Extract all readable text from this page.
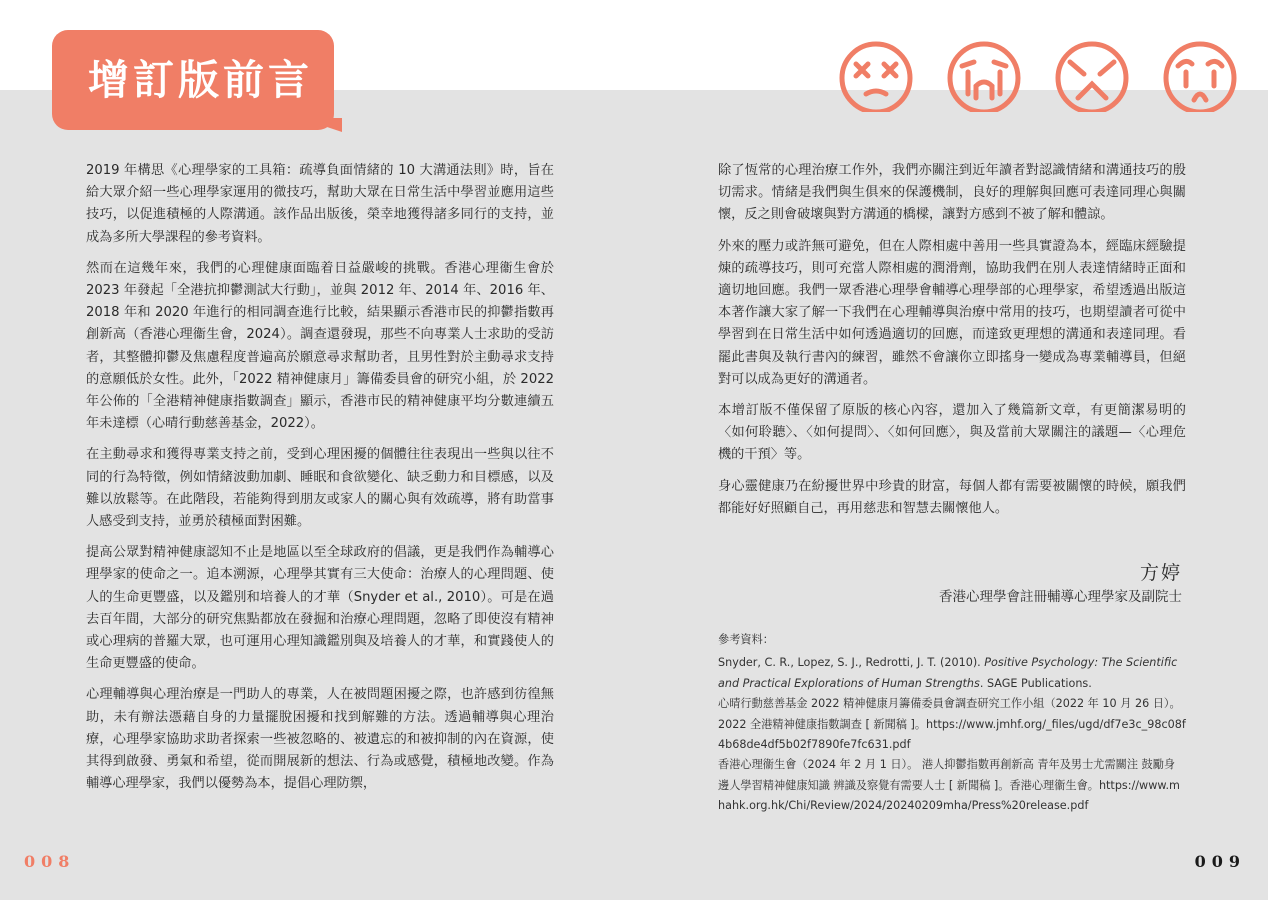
增訂版前言

2019 年構思《心理學家的工具箱：疏導負面情緒的 10 大溝通法則》時，旨在給大眾介紹一些心理學家運用的微技巧，幫助大眾在日常生活中學習並應用這些技巧，以促進積極的人際溝通。該作品出版後，榮幸地獲得諸多同行的支持，並成為多所大學課程的參考資料。

然而在這幾年來，我們的心理健康面臨着日益嚴峻的挑戰。香港心理衞生會於 2023 年發起「全港抗抑鬱測試大行動」，並與 2012 年、2014 年、2016 年、2018 年和 2020 年進行的相同調查進行比較，結果顯示香港市民的抑鬱指數再創新高（香港心理衞生會，2024）。調查還發現，那些不向專業人士求助的受訪者，其整體抑鬱及焦慮程度普遍高於願意尋求幫助者，且男性對於主動尋求支持的意願低於女性。此外，「2022 精神健康月」籌備委員會的研究小組，於 2022 年公佈的「全港精神健康指數調查」顯示，香港市民的精神健康平均分數連續五年未達標（心晴行動慈善基金，2022）。

在主動尋求和獲得專業支持之前，受到心理困擾的個體往往表現出一些與以往不同的行為特徵，例如情緒波動加劇、睡眠和食欲變化、缺乏動力和目標感，以及難以放鬆等。在此階段，若能夠得到朋友或家人的關心與有效疏導，將有助當事人感受到支持，並勇於積極面對困難。

提高公眾對精神健康認知不止是地區以至全球政府的倡議，更是我們作為輔導心理學家的使命之一。追本溯源，心理學其實有三大使命：治療人的心理問題、使人的生命更豐盛，以及鑑別和培養人的才華（Snyder et al., 2010）。可是在過去百年間，大部分的研究焦點都放在發掘和治療心理問題，忽略了即使沒有精神或心理病的普羅大眾，也可運用心理知識鑑別與及培養人的才華，和實踐使人的生命更豐盛的使命。

心理輔導與心理治療是一門助人的專業，人在被問題困擾之際，也許感到彷徨無助，未有辦法憑藉自身的力量擺脫困擾和找到解難的方法。透過輔導與心理治療，心理學家協助求助者探索一些被忽略的、被遺忘的和被抑制的內在資源，使其得到啟發、勇氣和希望，從而開展新的想法、行為或感覺，積極地改變。作為輔導心理學家，我們以優勢為本，提倡心理防禦，

除了恆常的心理治療工作外，我們亦關注到近年讀者對認識情緒和溝通技巧的殷切需求。情緒是我們與生俱來的保護機制，良好的理解與回應可表達同理心與關懷，反之則會破壞與對方溝通的橋樑，讓對方感到不被了解和體諒。

外來的壓力或許無可避免，但在人際相處中善用一些具實證為本，經臨床經驗提煉的疏導技巧，則可充當人際相處的潤滑劑，協助我們在別人表達情緒時正面和適切地回應。我們一眾香港心理學會輔導心理學部的心理學家，希望透過出版這本著作讓大家了解一下我們在心理輔導與治療中常用的技巧，也期望讀者可從中學習到在日常生活中如何透過適切的回應，而達致更理想的溝通和表達同理。看罷此書與及執行書內的練習，雖然不會讓你立即搖身一變成為專業輔導員，但絕對可以成為更好的溝通者。

本增訂版不僅保留了原版的核心內容，還加入了幾篇新文章，有更簡潔易明的〈如何聆聽〉、〈如何提問〉、〈如何回應〉，與及當前大眾關注的議題—〈心理危機的干預〉等。

身心靈健康乃在紛擾世界中珍貴的財富，每個人都有需要被關懷的時候，願我們都能好好照顧自己，再用慈悲和智慧去關懷他人。

方婷
香港心理學會註冊輔導心理學家及副院士
參考資料：

Snyder, C. R., Lopez, S. J., Redrotti, J. T. (2010). Positive Psychology: The Scientific and Practical Explorations of Human Strengths. SAGE Publications.

心晴行動慈善基金 2022 精神健康月籌備委員會調查研究工作小組（2022 年 10 月 26 日）。 2022 全港精神健康指數調查 [ 新聞稿 ]。https://www.jmhf.org/_files/ugd/df7e3c_98c08f4b68de4df5b02f7890fe7fc631.pdf

香港心理衞生會（2024 年 2 月 1 日）。 港人抑鬱指數再創新高 青年及男士尤需關注 鼓勵身邊人學習精神健康知識 辨識及察覺有需要人士 [ 新聞稿 ]。香港心理衞生會。https://www.mhahk.org.hk/Chi/Review/2024/20240209mha/Press%20release.pdf

008	009
